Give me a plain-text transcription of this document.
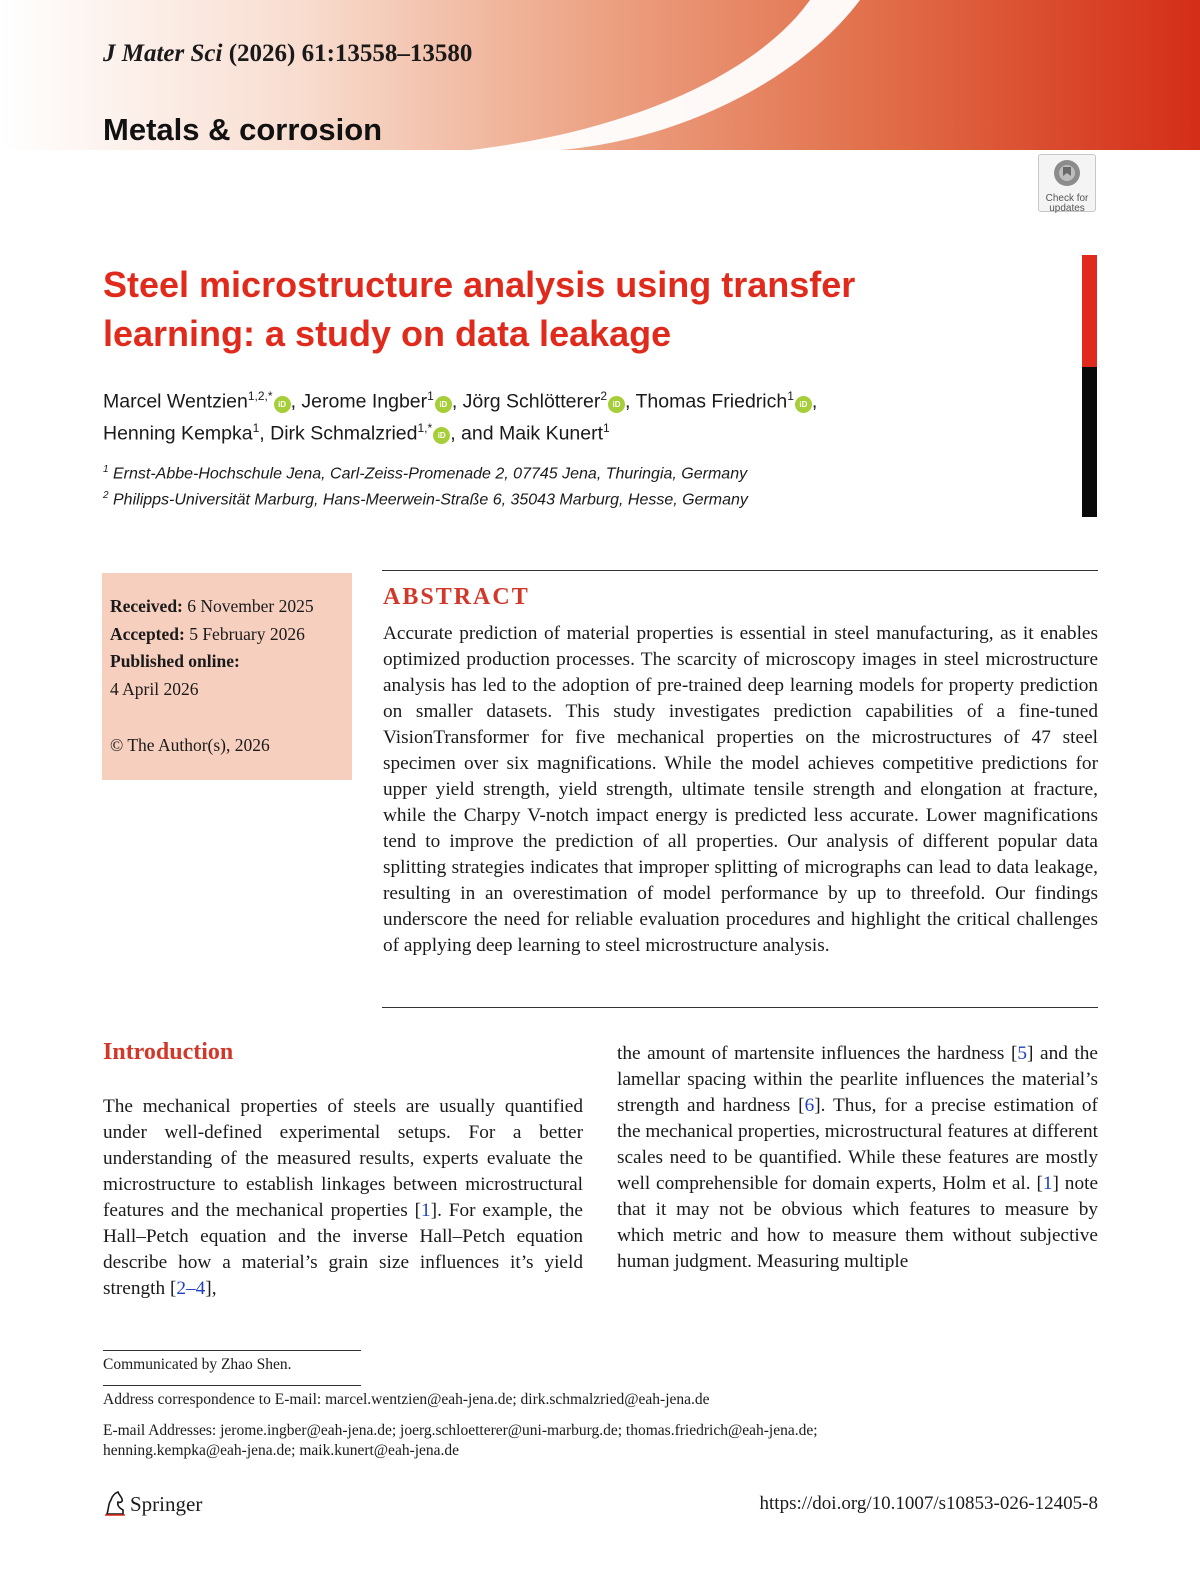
J Mater Sci (2026) 61:13558–13580
Metals & corrosion
Check for
updates
Steel microstructure analysis using transfer
learning: a study on data leakage
Marcel Wentzien$^{1,2,*}$iD , Jerome Ingber$^1$iD , Jörg Schlötterer$^2$iD , Thomas Friedrich$^1$iD ,
Henning Kempka$^1$, Dirk Schmalzried$^{1,*}$iD , and Maik Kunert$^1$
$^1$ Ernst-Abbe-Hochschule Jena, Carl-Zeiss-Promenade 2, 07745 Jena, Thuringia, Germany
$^2$ Philipps-Universität Marburg, Hans-Meerwein-Straße 6, 35043 Marburg, Hesse, Germany
Received: 6 November 2025
Accepted: 5 February 2026
Published online:
4 April 2026
© The Author(s), 2026
ABSTRACT
Accurate prediction of material properties is essential in steel manufacturing, as it enables optimized production processes. The scarcity of microscopy images in steel microstructure analysis has led to the adoption of pre-trained deep learning models for property prediction on smaller datasets. This study investigates prediction capabilities of a fine-tuned VisionTransformer for five mechanical properties on the microstructures of 47 steel specimen over six magnifications. While the model achieves competitive predictions for upper yield strength, yield strength, ultimate tensile strength and elongation at fracture, while the Charpy V-notch impact energy is predicted less accurate. Lower magnifications tend to improve the prediction of all properties. Our analysis of different popular data splitting strategies indicates that improper splitting of micrographs can lead to data leakage, resulting in an overestimation of model performance by up to threefold. Our findings underscore the need for reliable evaluation procedures and highlight the critical challenges of applying deep learning to steel microstructure analysis.
Introduction
The mechanical properties of steels are usually quantified under well-defined experimental setups. For a better understanding of the measured results, experts evaluate the microstructure to establish linkages between microstructural features and the mechanical properties [1]. For example, the Hall–Petch equation and the inverse Hall–Petch equation describe how a material’s grain size influences it’s yield strength [2–4],
the amount of martensite influences the hardness [5] and the lamellar spacing within the pearlite influences the material’s strength and hardness [6]. Thus, for a precise estimation of the mechanical properties, microstructural features at different scales need to be quantified. While these features are mostly well comprehensible for domain experts, Holm et al. [1] note that it may not be obvious which features to measure by which metric and how to measure them without subjective human judgment. Measuring multiple
Communicated by Zhao Shen.
Address correspondence to E-mail: marcel.wentzien@eah-jena.de; dirk.schmalzried@eah-jena.de
E-mail Addresses: jerome.ingber@eah-jena.de; joerg.schloetterer@uni-marburg.de; thomas.friedrich@eah-jena.de;
henning.kempka@eah-jena.de; maik.kunert@eah-jena.de
Springer	https://doi.org/10.1007/s10853-026-12405-8
